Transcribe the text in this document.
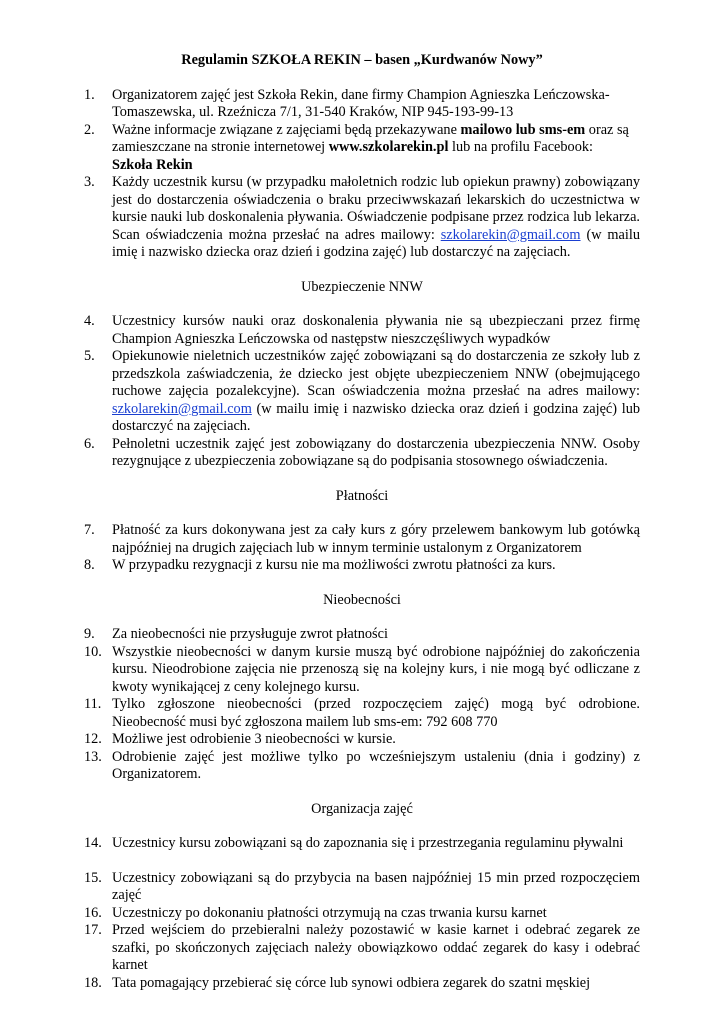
Regulamin SZKOŁA REKIN – basen „Kurdwanów Nowy”
1. Organizatorem zajęć jest Szkoła Rekin, dane firmy Champion Agnieszka Leńczowska-Tomaszewska, ul. Rzeźnicza 7/1, 31-540 Kraków, NIP 945-193-99-13
2. Ważne informacje związane z zajęciami będą przekazywane mailowo lub sms-em oraz są zamieszczane na stronie internetowej www.szkolarekin.pl lub na profilu Facebook:
Szkoła Rekin
3. Każdy uczestnik kursu (w przypadku małoletnich rodzic lub opiekun prawny) zobowiązany jest do dostarczenia oświadczenia o braku przeciwwskazań lekarskich do uczestnictwa w kursie nauki lub doskonalenia pływania. Oświadczenie podpisane przez rodzica lub lekarza. Scan oświadczenia można przesłać na adres mailowy: szkolarekin@gmail.com (w mailu imię i nazwisko dziecka oraz dzień i godzina zajęć) lub dostarczyć na zajęciach.
Ubezpieczenie NNW
4. Uczestnicy kursów nauki oraz doskonalenia pływania nie są ubezpieczani przez firmę Champion Agnieszka Leńczowska od następstw nieszczęśliwych wypadków
5. Opiekunowie nieletnich uczestników zajęć zobowiązani są do dostarczenia ze szkoły lub z przedszkola zaświadczenia, że dziecko jest objęte ubezpieczeniem NNW (obejmującego ruchowe zajęcia pozalekcyjne). Scan oświadczenia można przesłać na adres mailowy: szkolarekin@gmail.com (w mailu imię i nazwisko dziecka oraz dzień i godzina zajęć) lub dostarczyć na zajęciach.
6. Pełnoletni uczestnik zajęć jest zobowiązany do dostarczenia ubezpieczenia NNW. Osoby rezygnujące z ubezpieczenia zobowiązane są do podpisania stosownego oświadczenia.
Płatności
7. Płatność za kurs dokonywana jest za cały kurs z góry przelewem bankowym lub gotówką najpóźniej na drugich zajęciach lub w innym terminie ustalonym z Organizatorem
8. W przypadku rezygnacji z kursu nie ma możliwości zwrotu płatności za kurs.
Nieobecności
9. Za nieobecności nie przysługuje zwrot płatności
10. Wszystkie nieobecności w danym kursie muszą być odrobione najpóźniej do zakończenia kursu. Nieodrobione zajęcia nie przenoszą się na kolejny kurs, i nie mogą być odliczane z kwoty wynikającej z ceny kolejnego kursu.
11. Tylko zgłoszone nieobecności (przed rozpoczęciem zajęć) mogą być odrobione. Nieobecność musi być zgłoszona mailem lub sms-em: 792 608 770
12. Możliwe jest odrobienie 3 nieobecności w kursie.
13. Odrobienie zajęć jest możliwe tylko po wcześniejszym ustaleniu (dnia i godziny) z Organizatorem.
Organizacja zajęć
14. Uczestnicy kursu zobowiązani są do zapoznania się i przestrzegania regulaminu pływalni
15. Uczestnicy zobowiązani są do przybycia na basen najpóźniej 15 min przed rozpoczęciem zajęć
16. Uczestniczy po dokonaniu płatności otrzymują na czas trwania kursu karnet
17. Przed wejściem do przebieralni należy pozostawić w kasie karnet i odebrać zegarek ze szafki, po skończonych zajęciach należy obowiązkowo oddać zegarek do kasy i odebrać karnet
18. Tata pomagający przebierać się córce lub synowi odbiera zegarek do szatni męskiej
